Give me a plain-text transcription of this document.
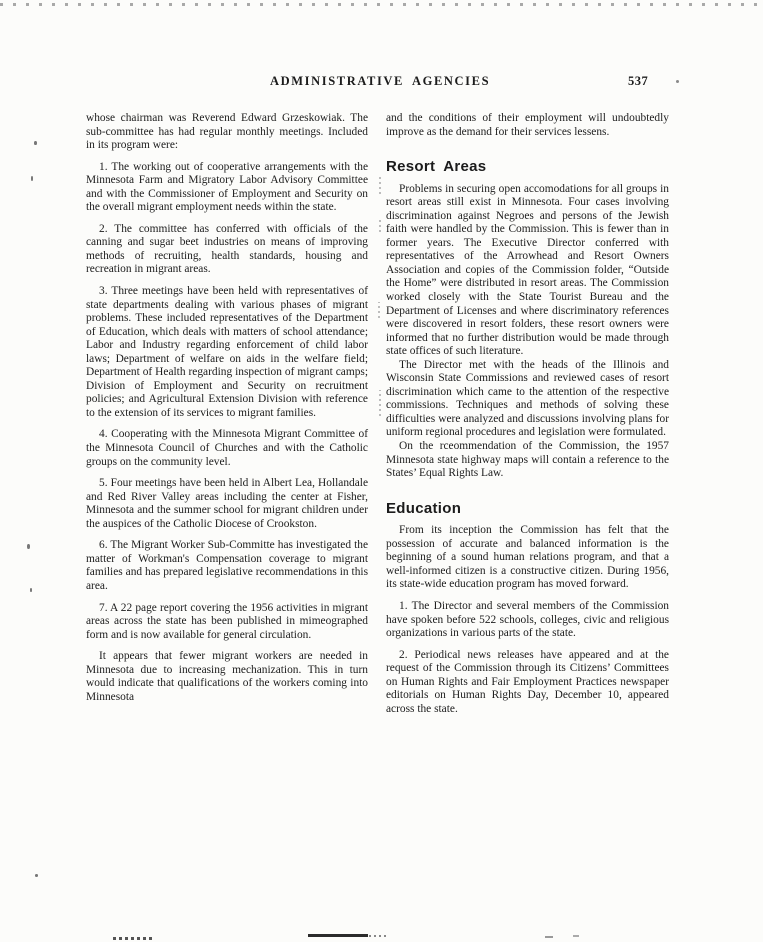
ADMINISTRATIVE AGENCIES	537

whose chairman was Reverend Edward Grzeskowiak. The sub-committee has had regular monthly meetings. Included in its program were:

1. The working out of cooperative arrangements with the Minnesota Farm and Migratory Labor Advisory Committee and with the Commissioner of Employment and Security on the overall migrant employment needs within the state.

2. The committee has conferred with officials of the canning and sugar beet industries on means of improving methods of recruiting, health standards, housing and recreation in migrant areas.

3. Three meetings have been held with representatives of state departments dealing with various phases of migrant problems. These included representatives of the Department of Education, which deals with matters of school attendance; Labor and Industry regarding enforcement of child labor laws; Department of welfare on aids in the welfare field; Department of Health regarding inspection of migrant camps; Division of Employment and Security on recruitment policies; and Agricultural Extension Division with reference to the extension of its services to migrant families.

4. Cooperating with the Minnesota Migrant Committee of the Minnesota Council of Churches and with the Catholic groups on the community level.

5. Four meetings have been held in Albert Lea, Hollandale and Red River Valley areas including the center at Fisher, Minnesota and the summer school for migrant children under the auspices of the Catholic Diocese of Crookston.

6. The Migrant Worker Sub-Committe has investigated the matter of Workman's Compensation coverage to migrant families and has prepared legislative recommendations in this area.

7. A 22 page report covering the 1956 activities in migrant areas across the state has been published in mimeographed form and is now available for general circulation.

It appears that fewer migrant workers are needed in Minnesota due to increasing mechanization. This in turn would indicate that qualifications of the workers coming into Minnesota

and the conditions of their employment will undoubtedly improve as the demand for their services lessens.

Resort Areas

Problems in securing open accomodations for all groups in resort areas still exist in Minnesota. Four cases involving discrimination against Negroes and persons of the Jewish faith were handled by the Commission. This is fewer than in former years. The Executive Director conferred with representatives of the Arrowhead and Resort Owners Association and copies of the Commission folder, “Outside the Home” were distributed in resort areas. The Commission worked closely with the State Tourist Bureau and the Department of Licenses and where discriminatory references were discovered in resort folders, these resort owners were informed that no further distribution would be made through state offices of such literature.

The Director met with the heads of the Illinois and Wisconsin State Commissions and reviewed cases of resort discrimination which came to the attention of the respective commissions. Techniques and methods of solving these difficulties were analyzed and discussions involving plans for uniform regional procedures and legislation were formulated.

On the rceommendation of the Commission, the 1957 Minnesota state highway maps will contain a reference to the States’ Equal Rights Law.

Education

From its inception the Commission has felt that the possession of accurate and balanced information is the beginning of a sound human relations program, and that a well-informed citizen is a constructive citizen. During 1956, its state-wide education program has moved forward.

1. The Director and several members of the Commission have spoken before 522 schools, colleges, civic and religious organizations in various parts of the state.

2. Periodical news releases have appeared and at the request of the Commission through its Citizens’ Committees on Human Rights and Fair Employment Practices newspaper editorials on Human Rights Day, December 10, appeared across the state.
